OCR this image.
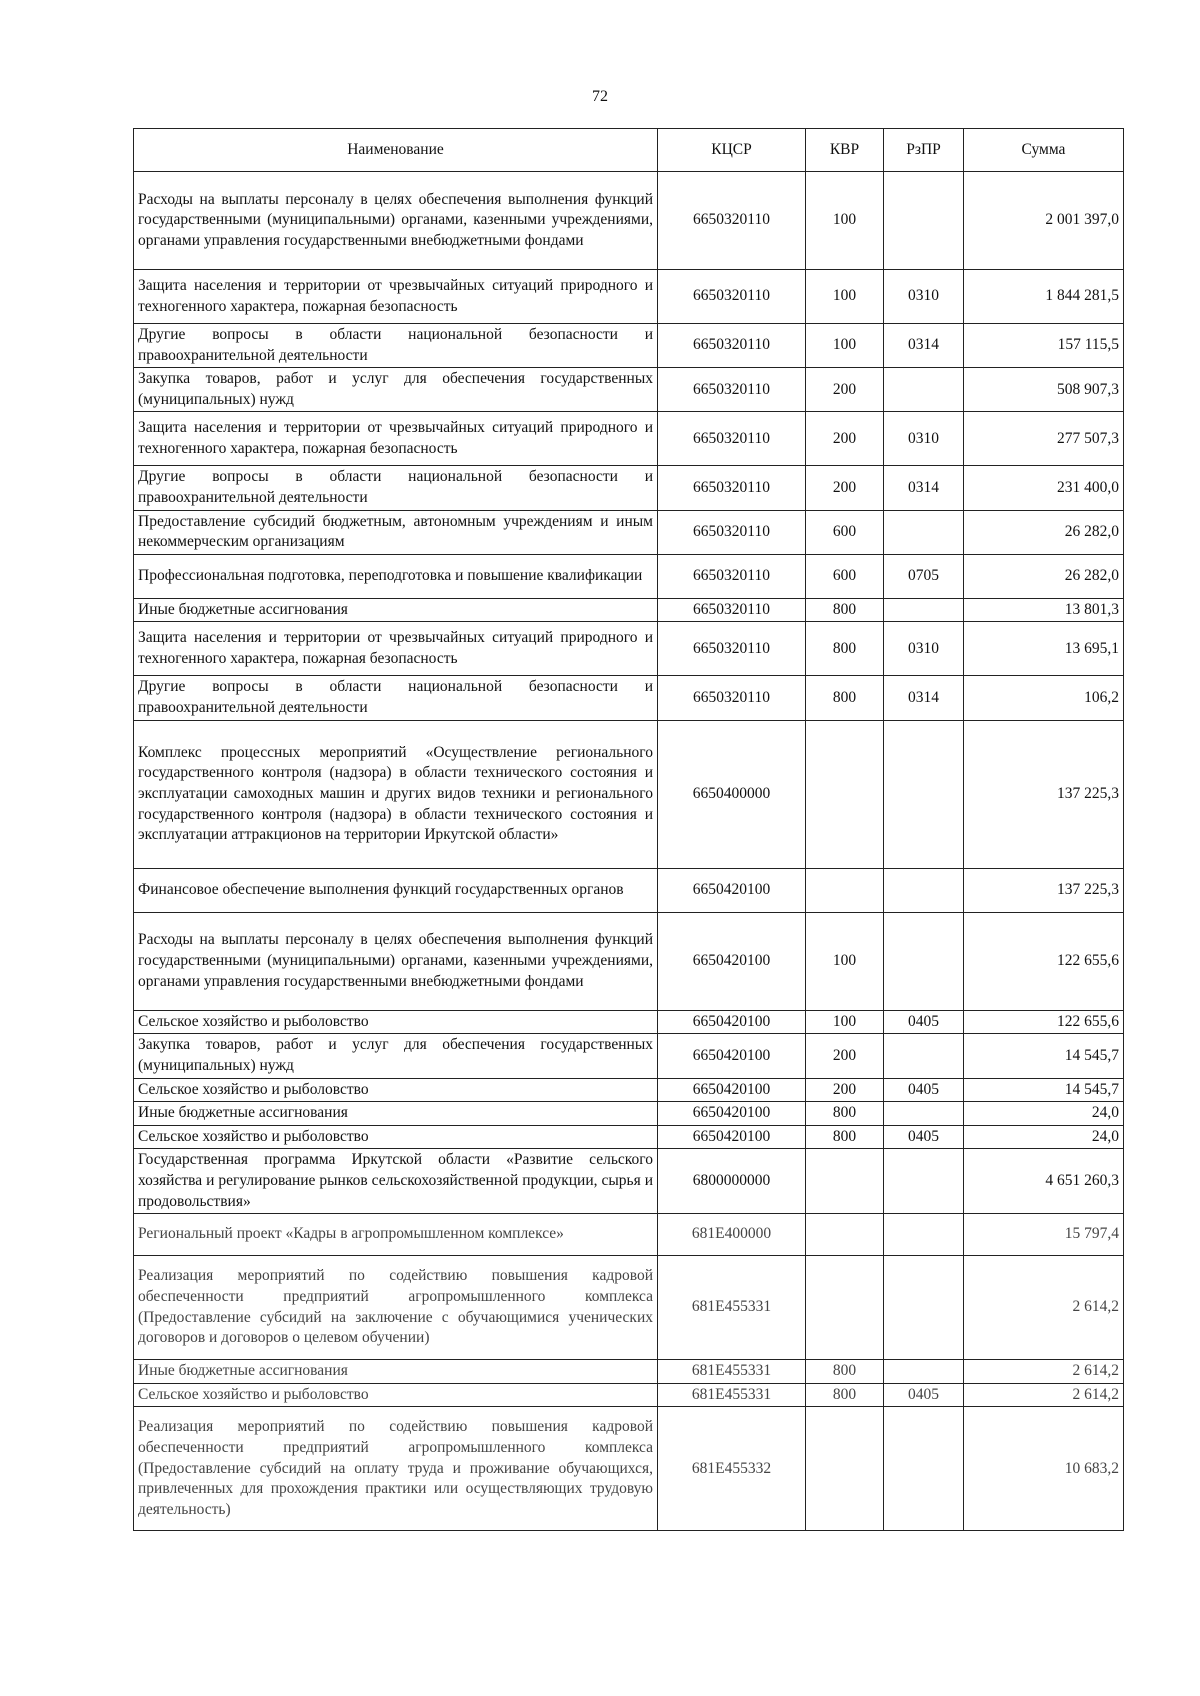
72
Наименование	КЦСР	КВР	РзПР	Сумма
Расходы на выплаты персоналу в целях обеспечения выполнения функций государственными (муниципальными) органами, казенными учреждениями, органами управления государственными внебюджетными фондами	6650320110	100		2 001 397,0
Защита населения и территории от чрезвычайных ситуаций природного и техногенного характера, пожарная безопасность	6650320110	100	0310	1 844 281,5
Другие вопросы в области национальной безопасности и правоохранительной деятельности	6650320110	100	0314	157 115,5
Закупка товаров, работ и услуг для обеспечения государственных (муниципальных) нужд	6650320110	200		508 907,3
Защита населения и территории от чрезвычайных ситуаций природного и техногенного характера, пожарная безопасность	6650320110	200	0310	277 507,3
Другие вопросы в области национальной безопасности и правоохранительной деятельности	6650320110	200	0314	231 400,0
Предоставление субсидий бюджетным, автономным учреждениям и иным некоммерческим организациям	6650320110	600		26 282,0
Профессиональная подготовка, переподготовка и повышение квалификации	6650320110	600	0705	26 282,0
Иные бюджетные ассигнования	6650320110	800		13 801,3
Защита населения и территории от чрезвычайных ситуаций природного и техногенного характера, пожарная безопасность	6650320110	800	0310	13 695,1
Другие вопросы в области национальной безопасности и правоохранительной деятельности	6650320110	800	0314	106,2
Комплекс процессных мероприятий «Осуществление регионального государственного контроля (надзора) в области технического состояния и эксплуатации самоходных машин и других видов техники и регионального государственного контроля (надзора) в области технического состояния и эксплуатации аттракционов на территории Иркутской области»	6650400000			137 225,3
Финансовое обеспечение выполнения функций государственных органов	6650420100			137 225,3
Расходы на выплаты персоналу в целях обеспечения выполнения функций государственными (муниципальными) органами, казенными учреждениями, органами управления государственными внебюджетными фондами	6650420100	100		122 655,6
Сельское хозяйство и рыболовство	6650420100	100	0405	122 655,6
Закупка товаров, работ и услуг для обеспечения государственных (муниципальных) нужд	6650420100	200		14 545,7
Сельское хозяйство и рыболовство	6650420100	200	0405	14 545,7
Иные бюджетные ассигнования	6650420100	800		24,0
Сельское хозяйство и рыболовство	6650420100	800	0405	24,0
Государственная программа Иркутской области «Развитие сельского хозяйства и регулирование рынков сельскохозяйственной продукции, сырья и продовольствия»	6800000000			4 651 260,3
Региональный проект «Кадры в агропромышленном комплексе»	681Е400000			15 797,4
Реализация мероприятий по содействию повышения кадровой обеспеченности предприятий агропромышленного комплекса (Предоставление субсидий на заключение с обучающимися ученических договоров и договоров о целевом обучении)	681Е455331			2 614,2
Иные бюджетные ассигнования	681Е455331	800		2 614,2
Сельское хозяйство и рыболовство	681Е455331	800	0405	2 614,2
Реализация мероприятий по содействию повышения кадровой обеспеченности предприятий агропромышленного комплекса (Предоставление субсидий на оплату труда и проживание обучающихся, привлеченных для прохождения практики или осуществляющих трудовую деятельность)	681Е455332			10 683,2
